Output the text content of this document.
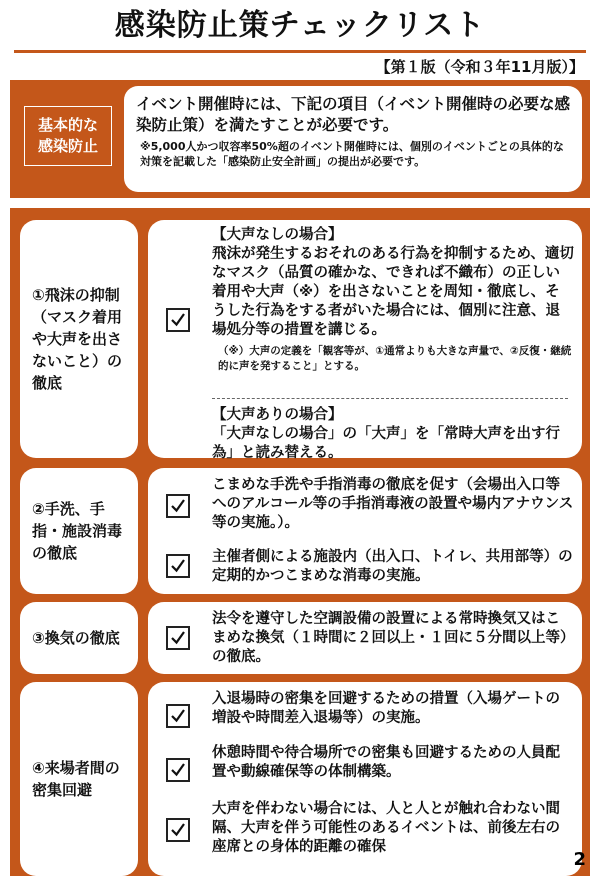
感染防止策チェックリスト
【第１版（令和３年11月版）】
基本的な
感染防止
イベント開催時には、下記の項目（イベント開催時の必要な感染防止策）を満たすことが必要です。
※5,000人かつ収容率50%超のイベント開催時には、個別のイベントごとの具体的な対策を記載した「感染防止安全計画」の提出が必要です。
①飛沫の抑制（マスク着用や大声を出さないこと）の徹底
【大声なしの場合】
飛沫が発生するおそれのある行為を抑制するため、適切なマスク（品質の確かな、できれば不織布）の正しい着用や大声（※）を出さないことを周知・徹底し、そうした行為をする者がいた場合には、個別に注意、退場処分等の措置を講じる。
（※）大声の定義を「観客等が、①通常よりも大きな声量で、②反復・継続的に声を発すること」とする。
【大声ありの場合】
「大声なしの場合」の「大声」を「常時大声を出す行為」と読み替える。
②手洗、手指・施設消毒の徹底
こまめな手洗や手指消毒の徹底を促す（会場出入口等へのアルコール等の手指消毒液の設置や場内アナウンス等の実施。）。
主催者側による施設内（出入口、トイレ、共用部等）の定期的かつこまめな消毒の実施。
③換気の徹底
法令を遵守した空調設備の設置による常時換気又はこまめな換気（１時間に２回以上・１回に５分間以上等）の徹底。
④来場者間の密集回避
入退場時の密集を回避するための措置（入場ゲートの増設や時間差入退場等）の実施。
休憩時間や待合場所での密集も回避するための人員配置や動線確保等の体制構築。
大声を伴わない場合には、人と人とが触れ合わない間隔、大声を伴う可能性のあるイベントは、前後左右の座席との身体的距離の確保
2
